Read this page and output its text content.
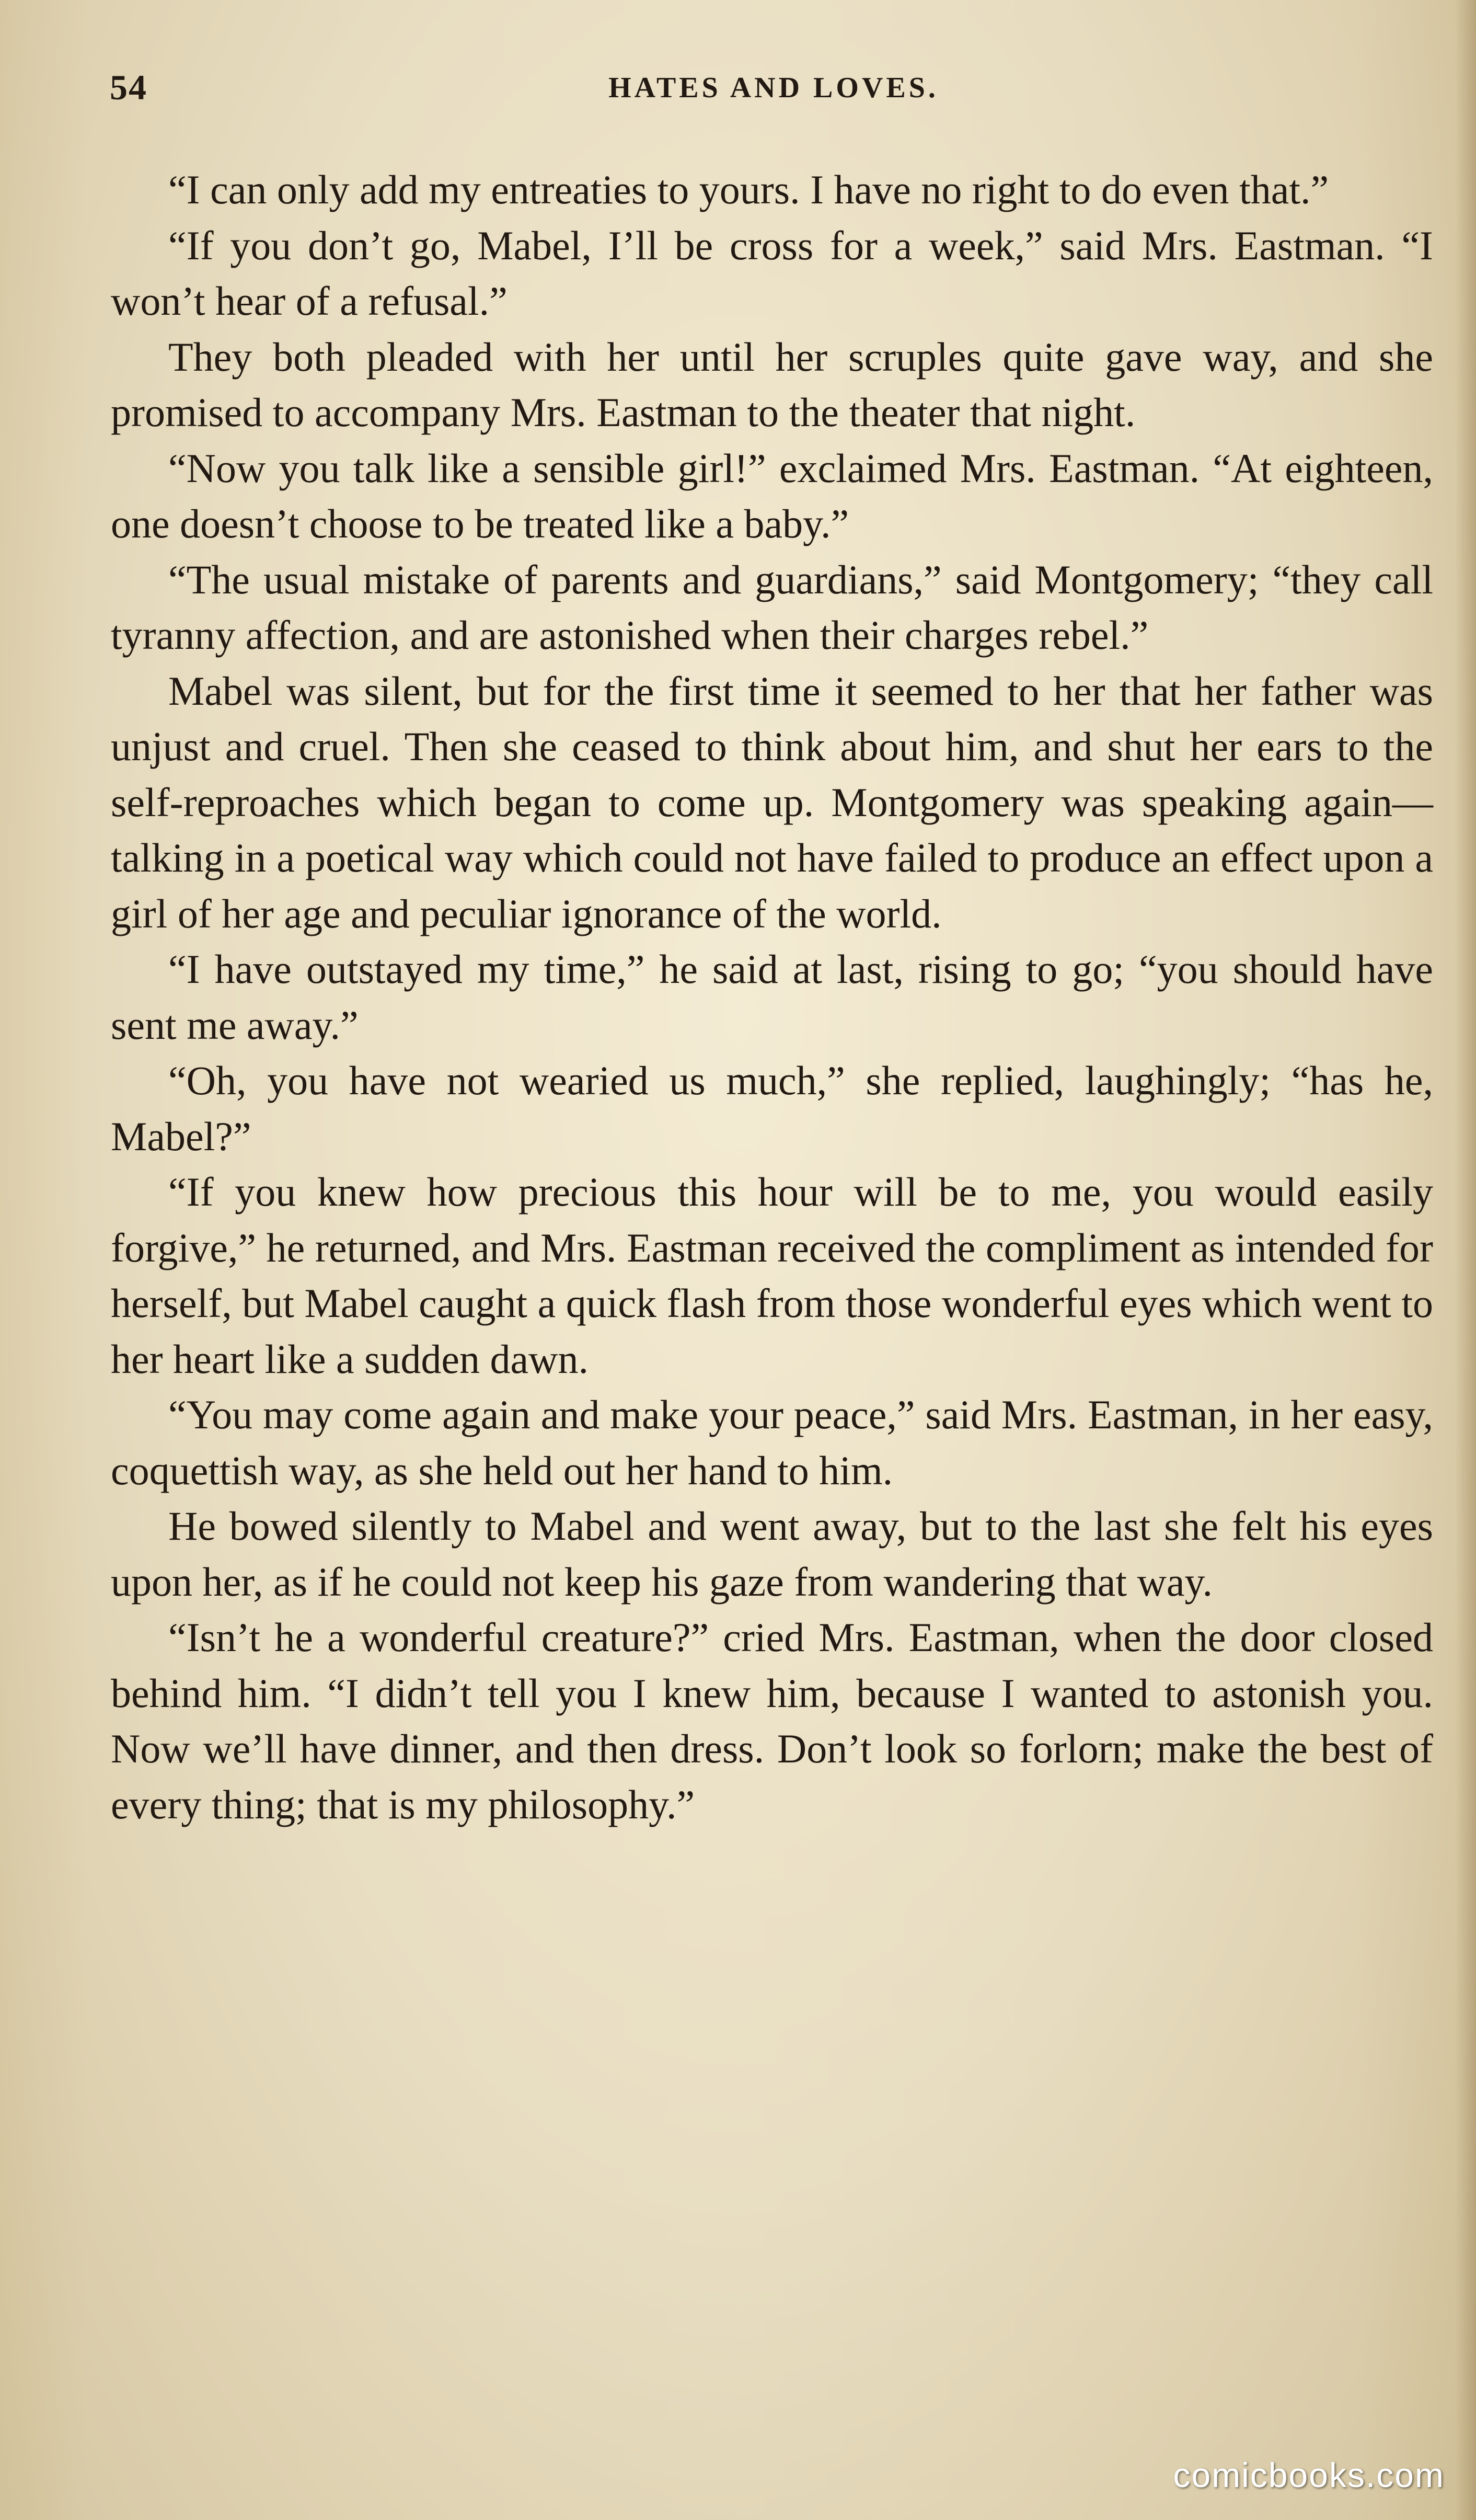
54	HATES AND LOVES.

“I can only add my entreaties to yours. I have no right to do even that.”

“If you don’t go, Mabel, I’ll be cross for a week,” said Mrs. Eastman. “I won’t hear of a refusal.”

They both pleaded with her until her scruples quite gave way, and she promised to accompany Mrs. Eastman to the theater that night.

“Now you talk like a sensible girl!” exclaimed Mrs. Eastman. “At eighteen, one doesn’t choose to be treated like a baby.”

“The usual mistake of parents and guardians,” said Montgomery; “they call tyranny affection, and are astonished when their charges rebel.”

Mabel was silent, but for the first time it seemed to her that her father was unjust and cruel. Then she ceased to think about him, and shut her ears to the self-reproaches which began to come up. Montgomery was speaking again—talking in a poetical way which could not have failed to produce an effect upon a girl of her age and peculiar ignorance of the world.

“I have outstayed my time,” he said at last, rising to go; “you should have sent me away.”

“Oh, you have not wearied us much,” she replied, laughingly; “has he, Mabel?”

“If you knew how precious this hour will be to me, you would easily forgive,” he returned, and Mrs. Eastman received the compliment as intended for herself, but Mabel caught a quick flash from those wonderful eyes which went to her heart like a sudden dawn.

“You may come again and make your peace,” said Mrs. Eastman, in her easy, coquettish way, as she held out her hand to him.

He bowed silently to Mabel and went away, but to the last she felt his eyes upon her, as if he could not keep his gaze from wandering that way.

“Isn’t he a wonderful creature?” cried Mrs. Eastman, when the door closed behind him. “I didn’t tell you I knew him, because I wanted to astonish you. Now we’ll have dinner, and then dress. Don’t look so forlorn; make the best of every thing; that is my philosophy.”

comicbooks.com
